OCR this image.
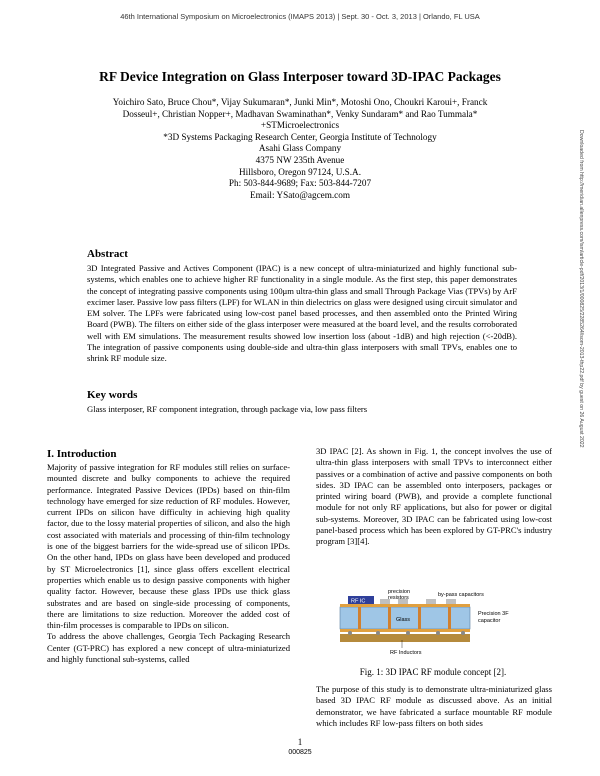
46th International Symposium on Microelectronics (IMAPS 2013) | Sept. 30 - Oct. 3, 2013 | Orlando, FL USA
RF Device Integration on Glass Interposer toward 3D-IPAC Packages
Yoichiro Sato, Bruce Chou*, Vijay Sukumaran*, Junki Min*, Motoshi Ono, Choukri Karoui+, Franck
Dosseul+, Christian Nopper+, Madhavan Swaminathan*, Venky Sundaram* and Rao Tummala*
+STMicroelectronics
*3D Systems Packaging Research Center, Georgia Institute of Technology
Asahi Glass Company
4375 NW 235th Avenue
Hillsboro, Oregon 97124, U.S.A.
Ph: 503-844-9689; Fax: 503-844-7207
Email: YSato@agcem.com	Downloaded from http://meridian.allenpress.com/ism/article-pdf/2013/1/000825/2285264/isom-2013-thp22.pdf by guest on 26 August 2022
Abstract
3D Integrated Passive and Actives Component (IPAC) is a new concept of ultra-miniaturized and highly functional sub-systems, which enables one to achieve higher RF functionality in a single module. As the first step, this paper demonstrates the concept of integrating passive components using 100μm ultra-thin glass and small Through Package Vias (TPVs) by ArF excimer laser. Passive low pass filters (LPF) for WLAN in thin dielectrics on glass were designed using circuit simulator and EM solver. The LPFs were fabricated using low-cost panel based processes, and then assembled onto the Printed Wiring Board (PWB). The filters on either side of the glass interposer were measured at the board level, and the results corroborated well with EM simulations. The measurement results showed low insertion loss (about -1dB) and high rejection (<-20dB). The integration of passive components using double-side and ultra-thin glass interposers with small TPVs, enables one to shrink RF module size.
Key words
Glass interposer, RF component integration, through package via, low pass filters
I. Introduction

Majority of passive integration for RF modules still relies on surface-mounted discrete and bulky components to achieve the required performance. Integrated Passive Devices (IPDs) based on thin-film technology have emerged for size reduction of RF modules. However, current IPDs on silicon have difficulty in achieving high quality factor, due to the lossy material properties of silicon, and also the high cost associated with materials and processing of thin-film technology is one of the biggest barriers for the wide-spread use of silicon IPDs. On the other hand, IPDs on glass have been developed and produced by ST Microelectronics [1], since glass offers excellent electrical properties which enable us to design passive components with higher quality factor. However, because these glass IPDs use thick glass substrates and are based on single-side processing of components, there are limitations to size reduction. Moreover the added cost of thin-film processes is comparable to IPDs on silicon.

To address the above challenges, Georgia Tech Packaging Research Center (GT-PRC) has explored a new concept of ultra-miniaturized and highly functional sub-systems, called

3D IPAC [2]. As shown in Fig. 1, the concept involves the use of ultra-thin glass interposers with small TPVs to interconnect either passives or a combination of active and passive components on both sides. 3D IPAC can be assembled onto interposers, packages or printed wiring board (PWB), and provide a complete functional module for not only RF applications, but also for power or digital sub-systems. Moreover, 3D IPAC can be fabricated using low-cost panel-based process which has been explored by GT-PRC's industry program [3][4].
RF IC
Glass
precision
resistors	by-pass capacitors
Precision 3F
capacitor
RF Inductors
Fig. 1: 3D IPAC RF module concept [2].
The purpose of this study is to demonstrate ultra-miniaturized glass based 3D IPAC RF module as discussed above. As an initial demonstrator, we have fabricated a surface mountable RF module which includes RF low-pass filters on both sides
1
000825
